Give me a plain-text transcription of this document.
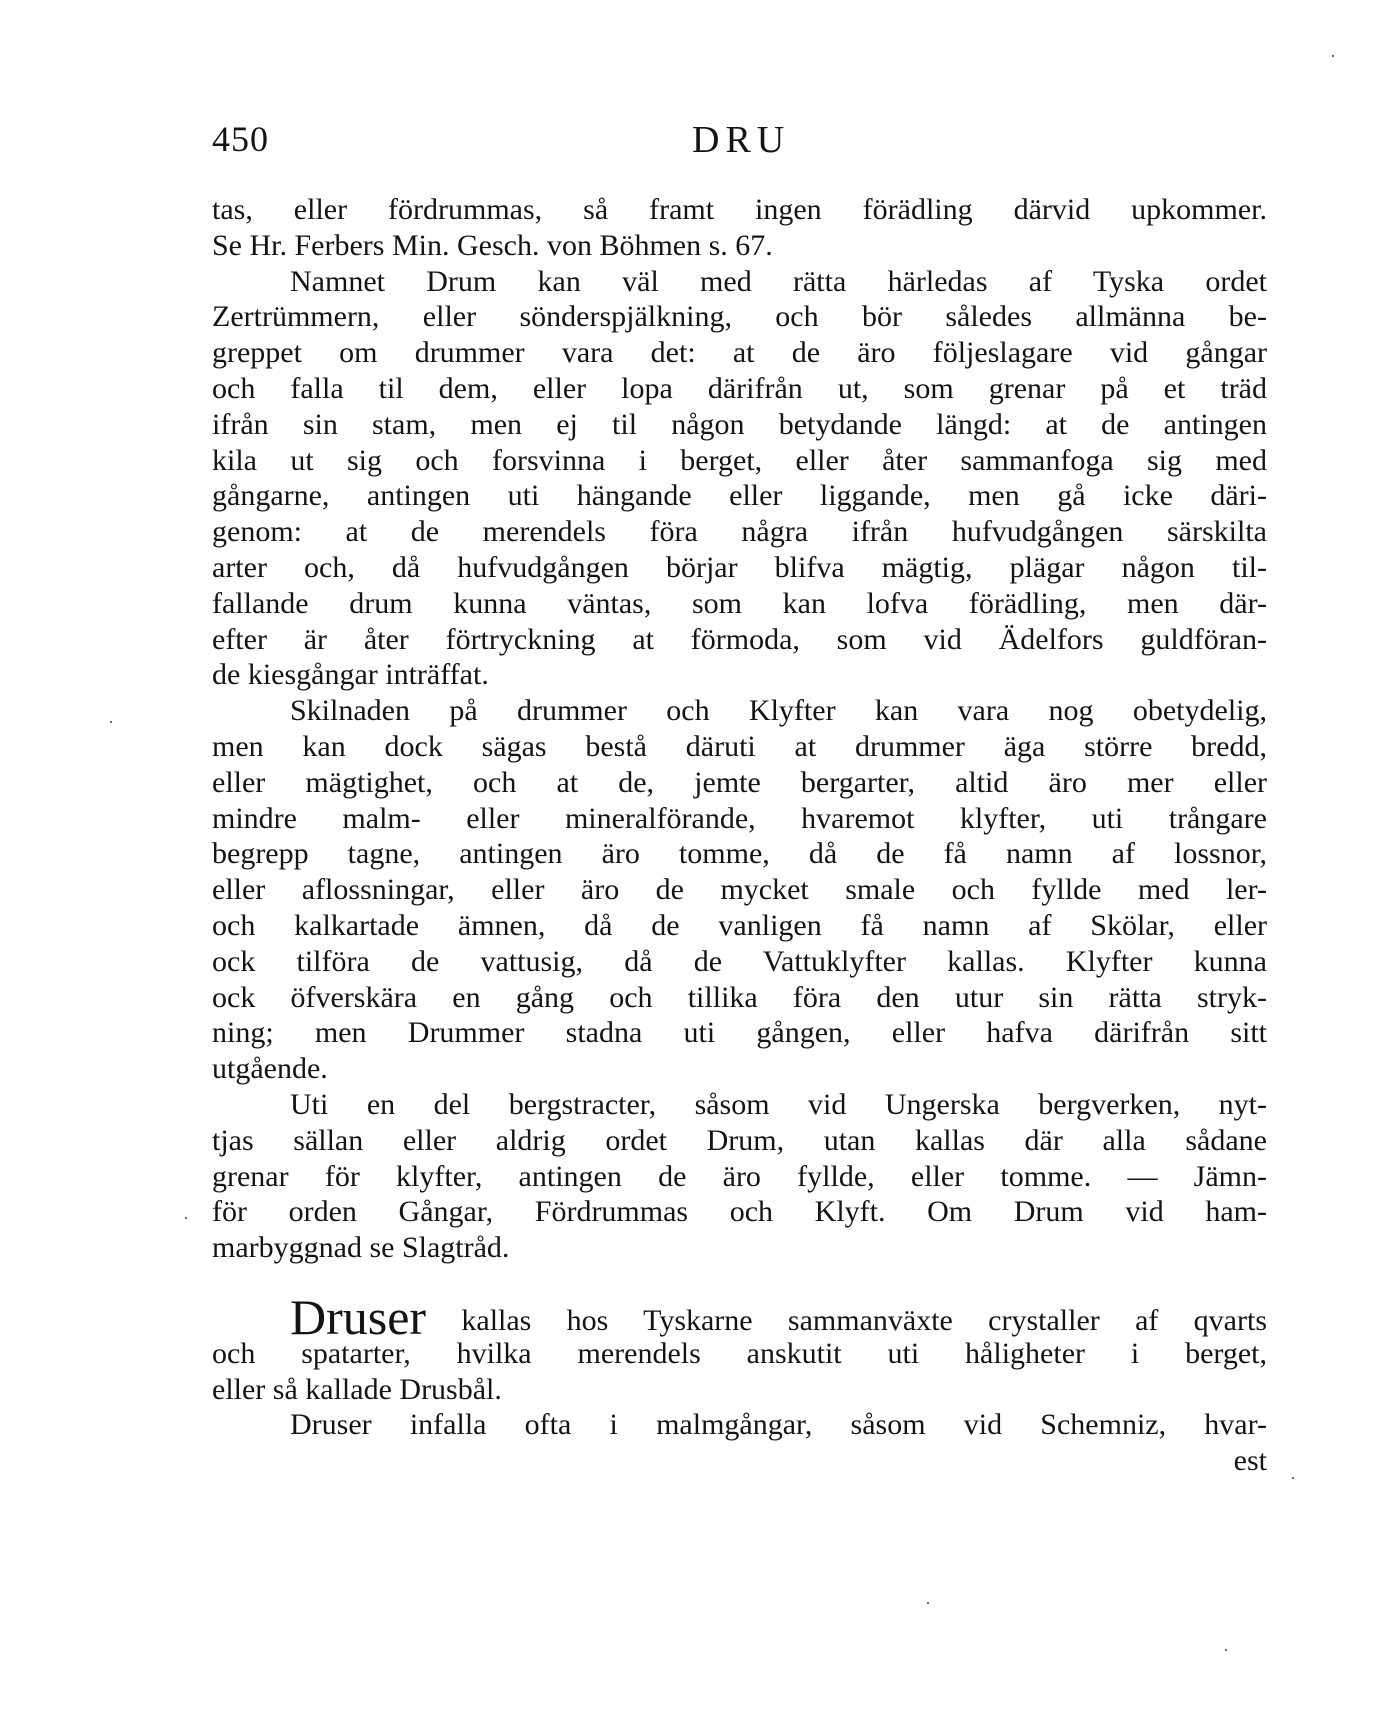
450	DRU
tas, eller fördrummas, så framt ingen förädling därvid upkommer.
Se Hr. Ferbers Min. Gesch. von Böhmen s. 67.
Namnet Drum kan väl med rätta härledas af Tyska ordet
Zertrümmern, eller sönderspjälkning, och bör således allmänna be-
greppet om drummer vara det: at de äro följeslagare vid gångar
och falla til dem, eller lopa därifrån ut, som grenar på et träd
ifrån sin stam, men ej til någon betydande längd: at de antingen
kila ut sig och forsvinna i berget, eller åter sammanfoga sig med
gångarne, antingen uti hängande eller liggande, men gå icke däri-
genom: at de merendels föra några ifrån hufvudgången särskilta
arter och, då hufvudgången börjar blifva mägtig, plägar någon til-
fallande drum kunna väntas, som kan lofva förädling, men där-
efter är åter förtryckning at förmoda, som vid Ädelfors guldföran-
de kiesgångar inträffat.
Skilnaden på drummer och Klyfter kan vara nog obetydelig,
men kan dock sägas bestå däruti at drummer äga större bredd,
eller mägtighet, och at de, jemte bergarter, altid äro mer eller
mindre malm- eller mineralförande, hvaremot klyfter, uti trångare
begrepp tagne, antingen äro tomme, då de få namn af lossnor,
eller aflossningar, eller äro de mycket smale och fyllde med ler-
och kalkartade ämnen, då de vanligen få namn af Skölar, eller
ock tilföra de vattusig, då de Vattuklyfter kallas. Klyfter kunna
ock öfverskära en gång och tillika föra den utur sin rätta stryk-
ning; men Drummer stadna uti gången, eller hafva därifrån sitt
utgående.
Uti en del bergstracter, såsom vid Ungerska bergverken, nyt-
tjas sällan eller aldrig ordet Drum, utan kallas där alla sådane
grenar för klyfter, antingen de äro fyllde, eller tomme. — Jämn-
för orden Gångar, Fördrummas och Klyft. Om Drum vid ham-
marbyggnad se Slagtråd.
Druser kallas hos Tyskarne sammanväxte crystaller af qvarts
och spatarter, hvilka merendels anskutit uti håligheter i berget,
eller så kallade Drusbål.
Druser infalla ofta i malmgångar, såsom vid Schemniz, hvar-
est
·
·
·
·
·
·
